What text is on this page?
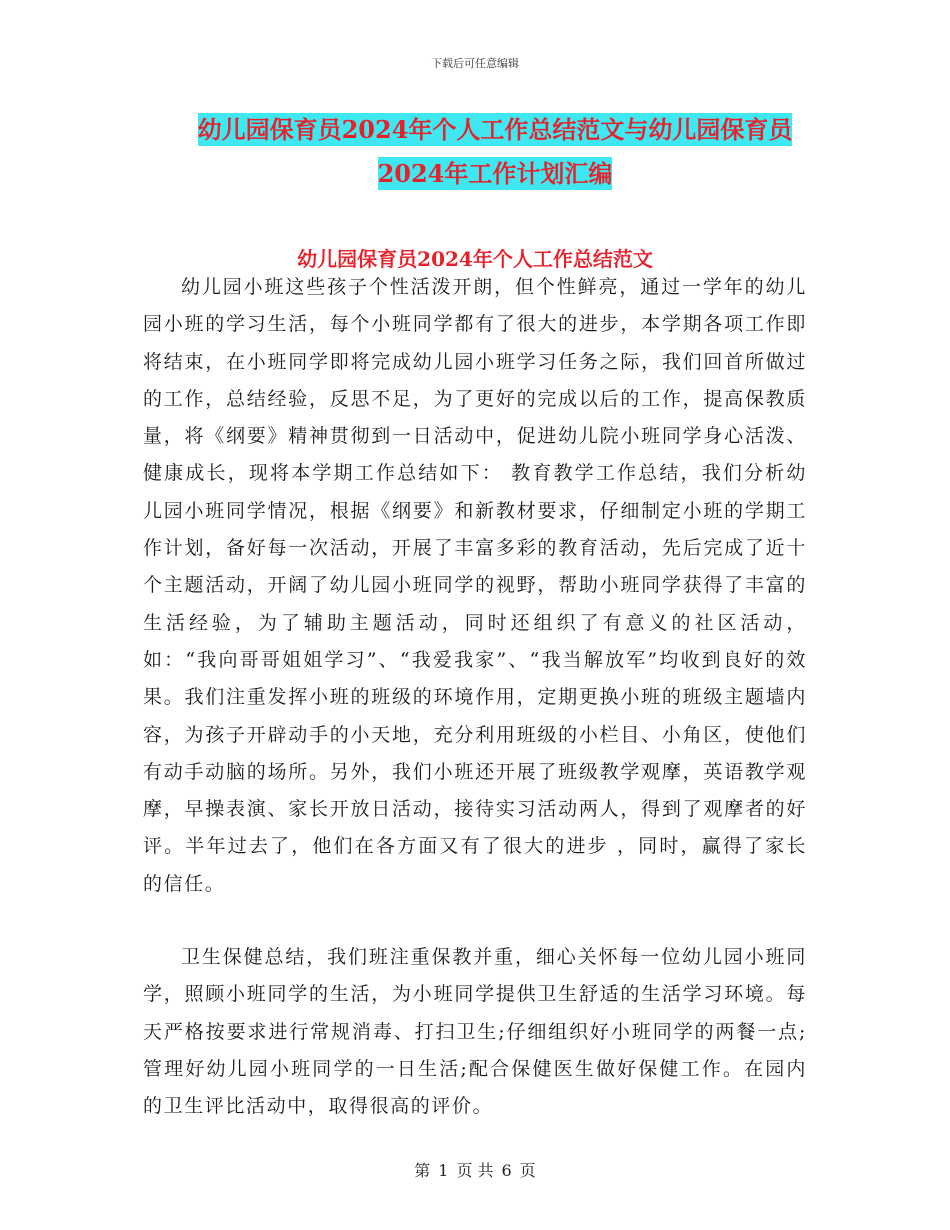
下载后可任意编辑
幼儿园保育员2024年个人工作总结范文与幼儿园保育员2024年工作计划汇编
幼儿园保育员2024年个人工作总结范文

幼儿园小班这些孩子个性活泼开朗，但个性鲜亮，通过一学年的幼儿园小班的学习生活，每个小班同学都有了很大的进步，本学期各项工作即将结束，在小班同学即将完成幼儿园小班学习任务之际，我们回首所做过的工作，总结经验，反思不足，为了更好的完成以后的工作，提高保教质量，将《纲要》精神贯彻到一日活动中，促进幼儿院小班同学身心活泼、健康成长，现将本学期工作总结如下： 教育教学工作总结，我们分析幼儿园小班同学情况，根据《纲要》和新教材要求，仔细制定小班的学期工作计划，备好每一次活动，开展了丰富多彩的教育活动，先后完成了近十个主题活动，开阔了幼儿园小班同学的视野，帮助小班同学获得了丰富的生活经验，为了辅助主题活动，同时还组织了有意义的社区活动，如：“我向哥哥姐姐学习”、“我爱我家”、“我当解放军”均收到良好的效果。我们注重发挥小班的班级的环境作用，定期更换小班的班级主题墙内容，为孩子开辟动手的小天地，充分利用班级的小栏目、小角区，使他们有动手动脑的场所。另外，我们小班还开展了班级教学观摩，英语教学观摩，早操表演、家长开放日活动，接待实习活动两人，得到了观摩者的好评。半年过去了，他们在各方面又有了很大的进步 ，同时，赢得了家长的信任。

卫生保健总结，我们班注重保教并重，细心关怀每一位幼儿园小班同学，照顾小班同学的生活，为小班同学提供卫生舒适的生活学习环境。每天严格按要求进行常规消毒、打扫卫生;仔细组织好小班同学的两餐一点;管理好幼儿园小班同学的一日生活;配合保健医生做好保健工作。在园内的卫生评比活动中，取得很高的评价。

第 1 页 共 6 页
